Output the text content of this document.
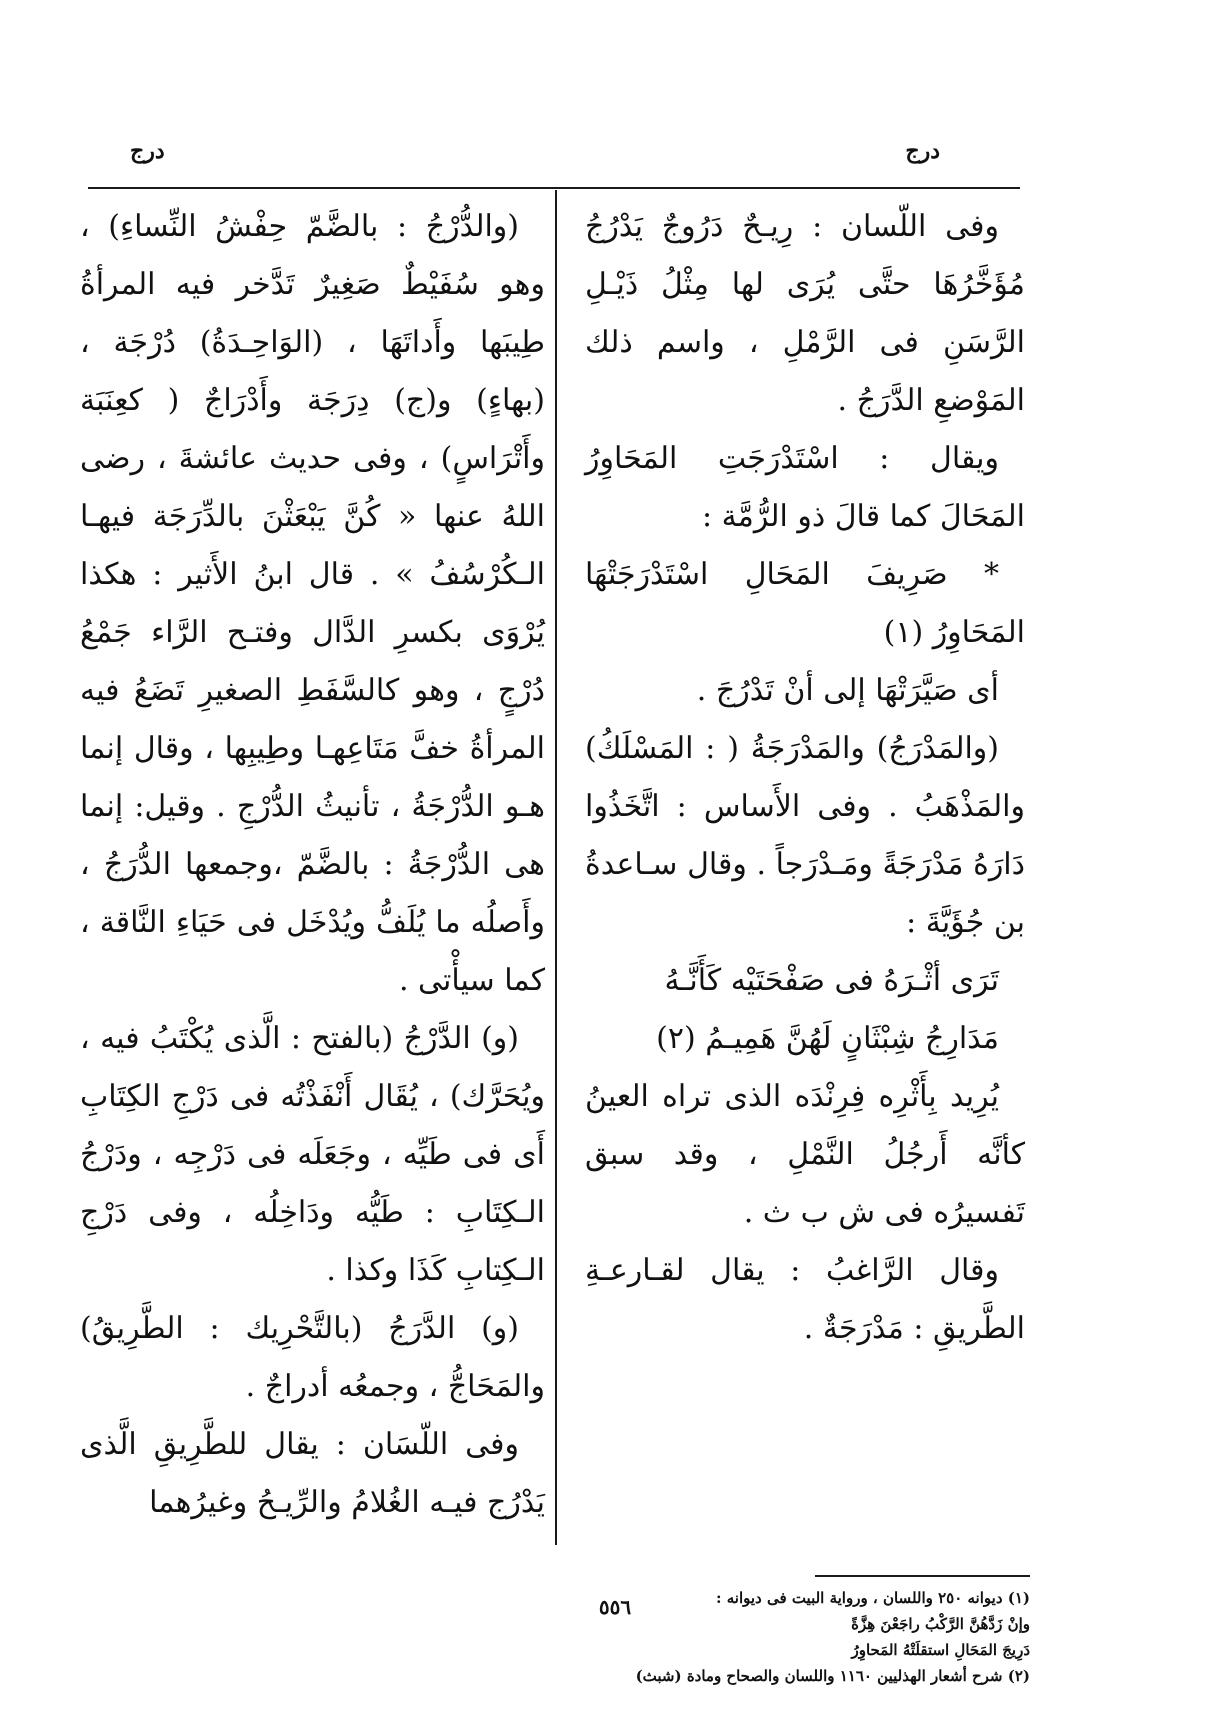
درج
درج

وفى اللّسان : رِيـحٌ دَرُوجٌ يَدْرُجُ مُؤَخَّرُهَا حتَّى يُرَى لها مِثْلُ ذَيْـلِ الرَّسَنِ فى الرَّمْلِ ، واسم ذلك المَوْضعِ الدَّرَجُ .

ويقال : اسْتَدْرَجَتِ المَحَاوِرُ المَحَالَ كما قالَ ذو الرُّمَّة :

* صَرِيفَ المَحَالِ اسْتَدْرَجَتْهَا المَحَاوِرُ (١)

أى صَيَّرَتْهَا إلى أنْ تَدْرُجَ .

(والمَدْرَجُ) والمَدْرَجَةُ ( : المَسْلَكُ) والمَذْهَبُ . وفى الأَساس : اتَّخَذُوا دَارَهُ مَدْرَجَةً ومَـدْرَجاً . وقال سـاعدةُ بن جُؤَيَّةَ :

تَرَى أثْـرَهُ فى صَفْحَتَيْه كَأَنَّـهُ

مَدَارِجُ شِبْثَانٍ لَهُنَّ هَمِيـمُ (٢)

يُرِيد بِأَثْرِه فِرِنْدَه الذى تراه العينُ كأنَّه أَرجُلُ النَّمْلِ ، وقد سبق تَفسيرُه فى ش ب ث .

وقال الرَّاغبُ : يقال لقـارعـةِ الطَّريقِ : مَدْرَجَةٌ .

(والدُّرْجُ : بالضَّمّ حِفْشُ النِّساءِ) ، وهو سُفَيْطٌ صَغِيرٌ تَدَّخر فيه المرأةُ طِيبَها وأَداتَهَا ، (الوَاحِـدَةُ) دُرْجَة ، (بهاءٍ) و(ج) دِرَجَة وأَدْرَاجٌ ( كعِنَبَة وأَتْرَاسٍ) ، وفى حديث عائشةَ ، رضى اللهُ عنها « كُنَّ يَبْعَثْنَ بالدِّرَجَة فيهـا الـكُرْسُفُ » . قال ابنُ الأَثير : هكذا يُرْوَى بكسرِ الدَّال وفتـح الرَّاء جَمْعُ دُرْجٍ ، وهو كالسَّفَطِ الصغيرِ تَضَعُ فيه المرأةُ خفَّ مَتَاعِهـا وطِيبِها ، وقال إنما هـو الدُّرْجَةُ ، تأنيثُ الدُّرْجِ . وقيل: إنما هى الدُّرْجَةُ : بالضَّمّ ،وجمعها الدُّرَجُ ، وأَصلُه ما يُلَفُّ ويُدْخَل فى حَيَاءِ النَّاقة ، كما سيأْتى .

(و) الدَّرْجُ (بالفتح : الَّذى يُكْتَبُ فيه ، ويُحَرَّك) ، يُقَال أَنْفَذْتُه فى دَرْجِ الكِتَابِ أَى فى طَيِّه ، وجَعَلَه فى دَرْجِه ، ودَرْجُ الـكِتَابِ : طَيُّه ودَاخِلُه ، وفى دَرْجِ الـكِتابِ كَذَا وكذا .

(و) الدَّرَجُ (بالتَّحْرِيك : الطَّرِيقُ) والمَحَاجُّ ، وجمعُه أدراجٌ .

وفى اللّسَان : يقال للطَّرِيقِ الَّذى يَدْرُج فيـه الغُلامُ والرِّيـحُ وغيرُهما

(١) ديوانه ٢٥٠ واللسان ، ورواية البيت فى ديوانه :

وإنْ زَدَّهُنَّ الرَّكْبُ راجَعْنَ هِزَّةً

دَرِيجَ المَحَالِ استقلَتْهُ المَحاوِرُ

(٢) شرح أشعار الهذليين ١١٦٠ واللسان والصحاح ومادة (شبث)

٥٥٦
